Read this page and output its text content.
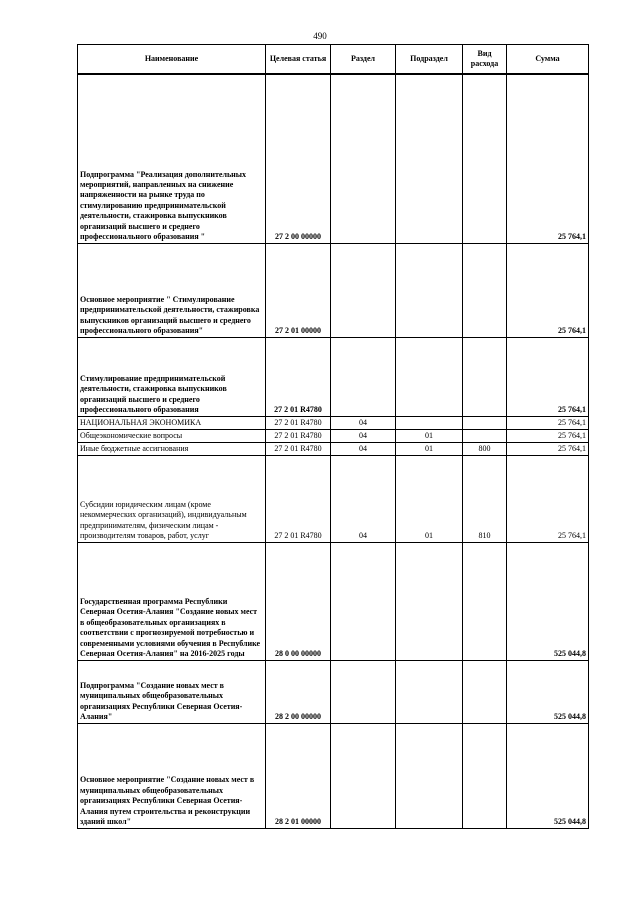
490
Наименование	Целевая статья	Раздел	Подраздел	Вид расхода	Сумма
Подпрограмма "Реализация дополнительных мероприятий, направленных на снижение напряженности на рынке труда по стимулированию предпринимательской деятельности, стажировка выпускников организаций высшего и среднего профессионального образования "	27 2 00 00000				25 764,1
Основное мероприятие " Стимулирование предпринимательской деятельности, стажировка выпускников организаций высшего и среднего профессионального образования"	27 2 01 00000				25 764,1
Стимулирование предпринимательской деятельности, стажировка выпускников организаций высшего и среднего профессионального образования	27 2 01 R4780				25 764,1
НАЦИОНАЛЬНАЯ ЭКОНОМИКА	27 2 01 R4780	04			25 764,1
Общеэкономические вопросы	27 2 01 R4780	04	01		25 764,1
Иные бюджетные ассигнования	27 2 01 R4780	04	01	800	25 764,1
Субсидии юридическим лицам (кроме некоммерческих организаций), индивидуальным предпринимателям, физическим лицам - производителям товаров, работ, услуг	27 2 01 R4780	04	01	810	25 764,1
Государственная программа Республики Северная Осетия-Алания "Создание новых мест в общеобразовательных организациях в соответствии с прогнозируемой потребностью и современными условиями обучения в Республике Северная Осетия-Алания" на 2016-2025 годы	28 0 00 00000				525 044,8
Подпрограмма "Создание новых мест в муниципальных общеобразовательных организациях Республики Северная Осетия-Алания"	28 2 00 00000				525 044,8
Основное мероприятие "Создание новых мест в муниципальных общеобразовательных организациях Республики Северная Осетия-Алания путем строительства и реконструкции зданий школ"	28 2 01 00000				525 044,8
